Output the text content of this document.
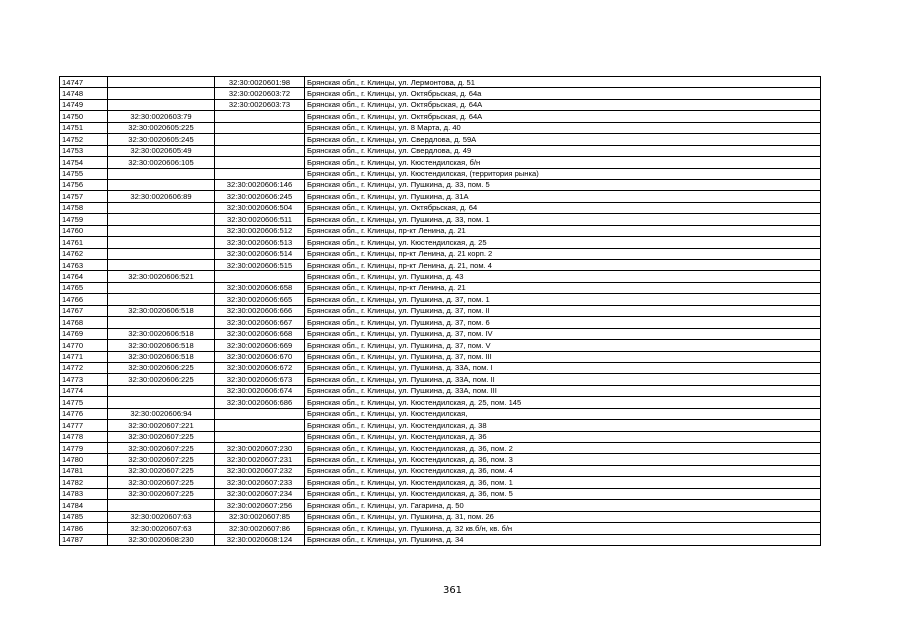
14747		32:30:0020601:98	Брянская обл., г. Клинцы, ул. Лермонтова, д. 51
14748		32:30:0020603:72	Брянская обл., г. Клинцы, ул. Октябрьская, д. 64а
14749		32:30:0020603:73	Брянская обл., г. Клинцы, ул. Октябрьская, д. 64А
14750	32:30:0020603:79		Брянская обл., г. Клинцы, ул. Октябрьская, д. 64А
14751	32:30:0020605:225		Брянская обл., г. Клинцы, ул. 8 Марта, д. 40
14752	32:30:0020605:245		Брянская обл., г. Клинцы, ул. Свердлова, д. 59А
14753	32:30:0020605:49		Брянская обл., г. Клинцы, ул. Свердлова, д. 49
14754	32:30:0020606:105		Брянская обл., г. Клинцы, ул. Кюстендилская, б/н
14755			Брянская обл., г. Клинцы, ул. Кюстендилская, (территория рынка)
14756		32:30:0020606:146	Брянская обл., г. Клинцы, ул. Пушкина, д. 33, пом. 5
14757	32:30:0020606:89	32:30:0020606:245	Брянская обл., г. Клинцы, ул. Пушкина, д. 31А
14758		32:30:0020606:504	Брянская обл., г. Клинцы, ул. Октябрьская, д. 64
14759		32:30:0020606:511	Брянская обл., г. Клинцы, ул. Пушкина, д. 33, пом. 1
14760		32:30:0020606:512	Брянская обл., г. Клинцы, пр-кт Ленина, д. 21
14761		32:30:0020606:513	Брянская обл., г. Клинцы, ул. Кюстендилская, д. 25
14762		32:30:0020606:514	Брянская обл., г. Клинцы, пр-кт Ленина, д. 21 корп. 2
14763		32:30:0020606:515	Брянская обл., г. Клинцы, пр-кт Ленина, д. 21, пом. 4
14764	32:30:0020606:521		Брянская обл., г. Клинцы, ул. Пушкина, д. 43
14765		32:30:0020606:658	Брянская обл., г. Клинцы, пр-кт Ленина, д. 21
14766		32:30:0020606:665	Брянская обл., г. Клинцы, ул. Пушкина, д. 37, пом. 1
14767	32:30:0020606:518	32:30:0020606:666	Брянская обл., г. Клинцы, ул. Пушкина, д. 37, пом. II
14768		32:30:0020606:667	Брянская обл., г. Клинцы, ул. Пушкина, д. 37, пом. 6
14769	32:30:0020606:518	32:30:0020606:668	Брянская обл., г. Клинцы, ул. Пушкина, д. 37, пом. IV
14770	32:30:0020606:518	32:30:0020606:669	Брянская обл., г. Клинцы, ул. Пушкина, д. 37, пом. V
14771	32:30:0020606:518	32:30:0020606:670	Брянская обл., г. Клинцы, ул. Пушкина, д. 37, пом. III
14772	32:30:0020606:225	32:30:0020606:672	Брянская обл., г. Клинцы, ул. Пушкина, д. 33А, пом. I
14773	32:30:0020606:225	32:30:0020606:673	Брянская обл., г. Клинцы, ул. Пушкина, д. 33А, пом. II
14774		32:30:0020606:674	Брянская обл., г. Клинцы, ул. Пушкина, д. 33А, пом. III
14775		32:30:0020606:686	Брянская обл., г. Клинцы, ул. Кюстендилская, д. 25, пом. 145
14776	32:30:0020606:94		Брянская обл., г. Клинцы, ул. Кюстендилская,
14777	32:30:0020607:221		Брянская обл., г. Клинцы, ул. Кюстендилская, д. 38
14778	32:30:0020607:225		Брянская обл., г. Клинцы, ул. Кюстендилская, д. 36
14779	32:30:0020607:225	32:30:0020607:230	Брянская обл., г. Клинцы, ул. Кюстендилская, д. 36, пом. 2
14780	32:30:0020607:225	32:30:0020607:231	Брянская обл., г. Клинцы, ул. Кюстендилская, д. 36, пом. 3
14781	32:30:0020607:225	32:30:0020607:232	Брянская обл., г. Клинцы, ул. Кюстендилская, д. 36, пом. 4
14782	32:30:0020607:225	32:30:0020607:233	Брянская обл., г. Клинцы, ул. Кюстендилская, д. 36, пом. 1
14783	32:30:0020607:225	32:30:0020607:234	Брянская обл., г. Клинцы, ул. Кюстендилская, д. 36, пом. 5
14784		32:30:0020607:256	Брянская обл., г. Клинцы, ул. Гагарина, д. 50
14785	32:30:0020607:63	32:30:0020607:85	Брянская обл., г. Клинцы, ул. Пушкина, д. 31, пом. 26
14786	32:30:0020607:63	32:30:0020607:86	Брянская обл., г. Клинцы, ул. Пушкина, д. 32 кв.б/н, кв. б/н
14787	32:30:0020608:230	32:30:0020608:124	Брянская обл., г. Клинцы, ул. Пушкина, д. 34
361
